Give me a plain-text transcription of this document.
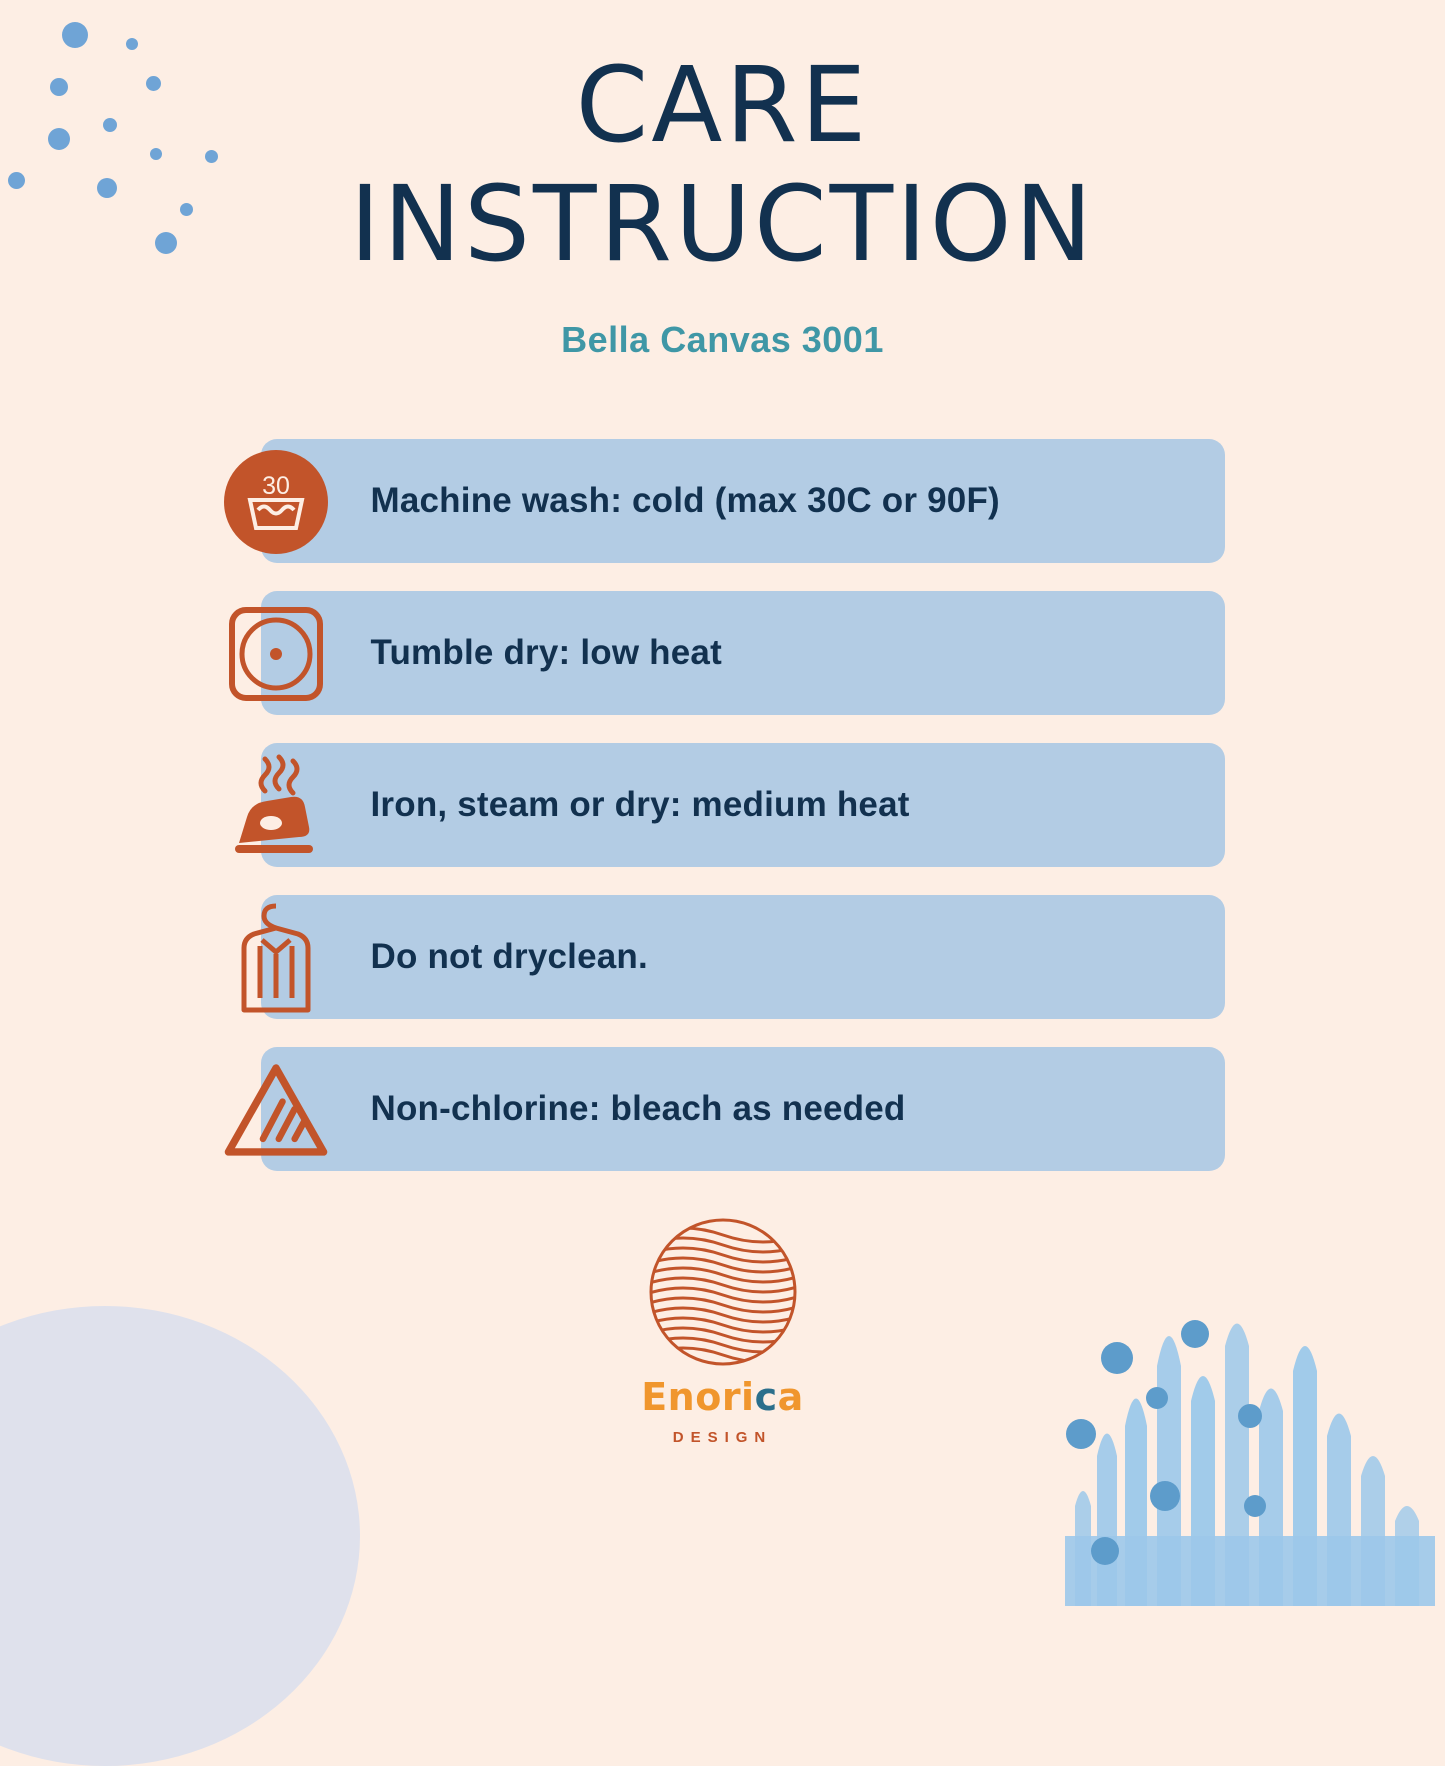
CARE
INSTRUCTION
Bella Canvas 3001
30 Machine wash: cold (max 30C or 90F)
Tumble dry: low heat
Iron, steam or dry: medium heat
Do not dryclean.
Non-chlorine: bleach as needed
Enorica
DESIGN
